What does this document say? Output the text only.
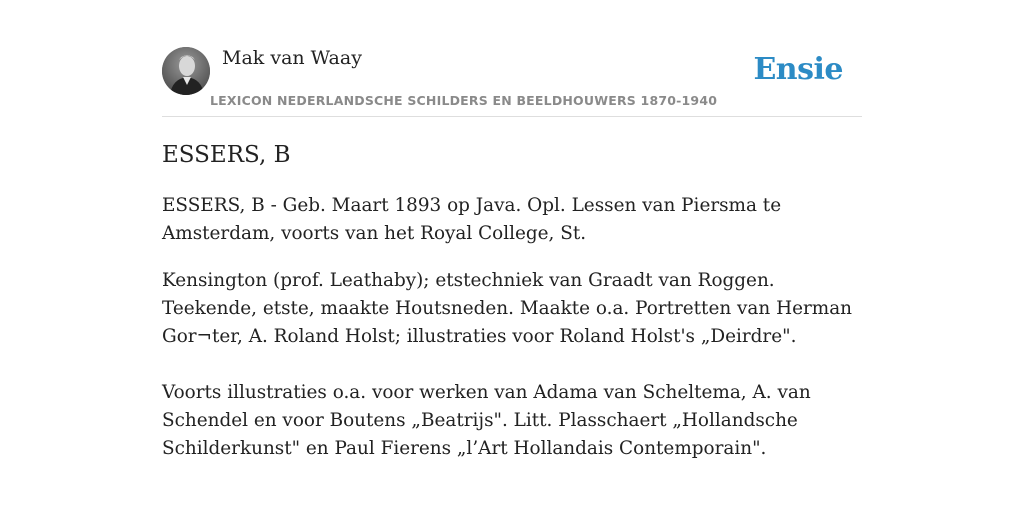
Mak van Waay

LEXICON NEDERLANDSCHE SCHILDERS EN BEELDHOUWERS 1870-1940
Ensie
ESSERS, B

ESSERS, B - Geb. Maart 1893 op Java. Opl. Lessen van Piersma te Amsterdam, voorts van het Royal College, St.

Kensington (prof. Leathaby); etstechniek van Graadt van Roggen. Teekende, etste, maakte Houtsneden. Maakte o.a. Portretten van Herman Gor¬ter, A. Roland Holst; illustraties voor Roland Holst's „Deirdre".

Voorts illustraties o.a. voor werken van Adama van Scheltema, A. van Schendel en voor Boutens „Beatrijs". Litt. Plasschaert „Hollandsche Schilderkunst" en Paul Fierens „l’Art Hollandais Contemporain".
